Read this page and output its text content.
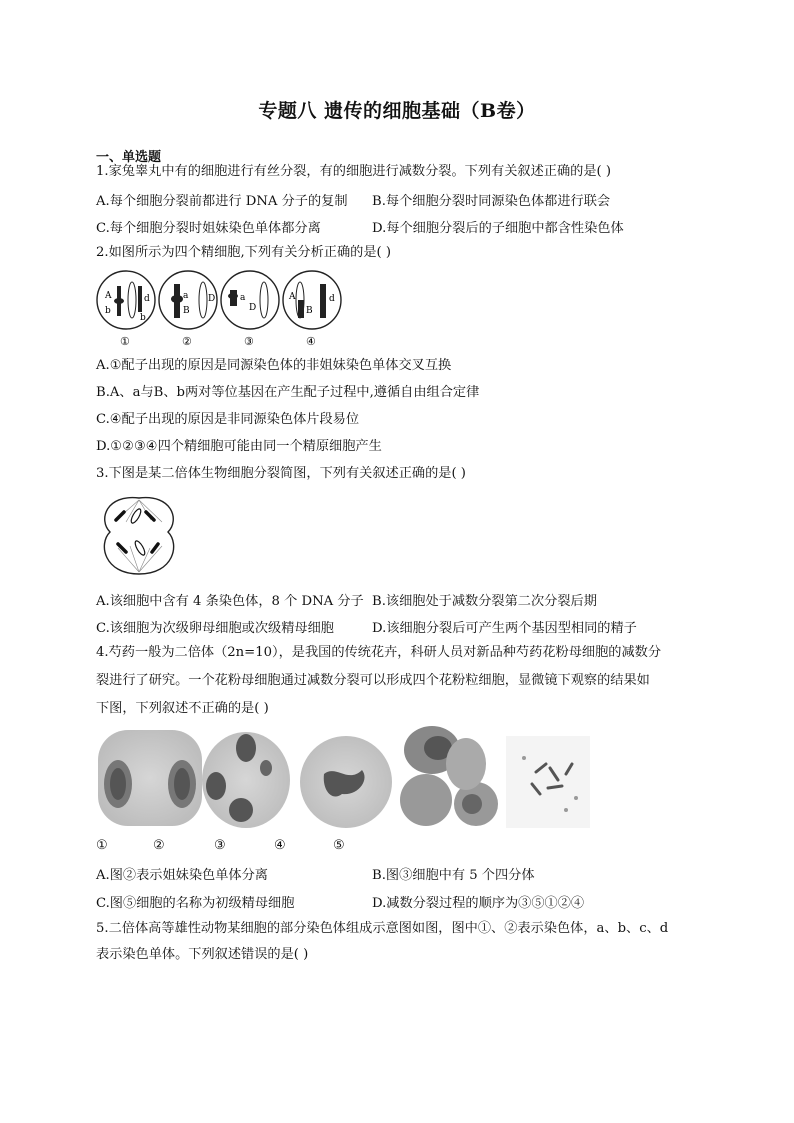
专题八 遗传的细胞基础（B卷）
一、单选题
1.家兔睾丸中有的细胞进行有丝分裂，有的细胞进行减数分裂。下列有关叙述正确的是( )
A.每个细胞分裂前都进行 DNA 分子的复制 B.每个细胞分裂时同源染色体都进行联会
C.每个细胞分裂时姐妹染色单体都分离	D.每个细胞分裂后的子细胞中都含性染色体
2.如图所示为四个精细胞,下列有关分析正确的是( )
A
b
d
b
a
B
D	a
D
A
B
d
①	②	③	④
A.①配子出现的原因是同源染色体的非姐妹染色单体交叉互换
B.A、a与B、b两对等位基因在产生配子过程中,遵循自由组合定律
C.④配子出现的原因是非同源染色体片段易位
D.①②③④四个精细胞可能由同一个精原细胞产生
3.下图是某二倍体生物细胞分裂简图，下列有关叙述正确的是( )
A.该细胞中含有 4 条染色体，8 个 DNA 分子 B.该细胞处于减数分裂第二次分裂后期
C.该细胞为次级卵母细胞或次级精母细胞	D.该细胞分裂后可产生两个基因型相同的精子
4.芍药一般为二倍体（2n=10），是我国的传统花卉，科研人员对新品种芍药花粉母细胞的减数分
裂进行了研究。一个花粉母细胞通过减数分裂可以形成四个花粉粒细胞，显微镜下观察的结果如
下图，下列叙述不正确的是( )
①	②	③	④	⑤
A.图②表示姐妹染色单体分离	B.图③细胞中有 5 个四分体
C.图⑤细胞的名称为初级精母细胞	D.减数分裂过程的顺序为③⑤①②④
5.二倍体高等雄性动物某细胞的部分染色体组成示意图如图，图中①、②表示染色体，a、b、c、d
表示染色单体。下列叙述错误的是( )
